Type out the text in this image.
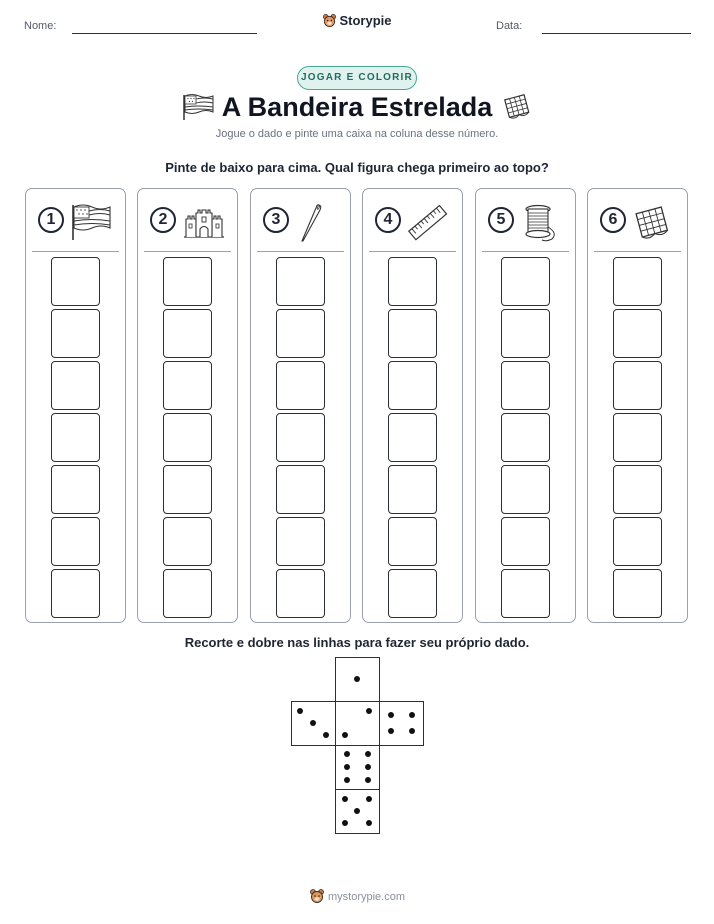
Nome:	Storypie	Data:
JOGAR E COLORIR
A Bandeira Estrelada
Jogue o dado e pinte uma caixa na coluna desse número.
Pinte de baixo para cima. Qual figura chega primeiro ao topo?
1	2	3	4	5	6
Recorte e dobre nas linhas para fazer seu próprio dado.
mystorypie.com
